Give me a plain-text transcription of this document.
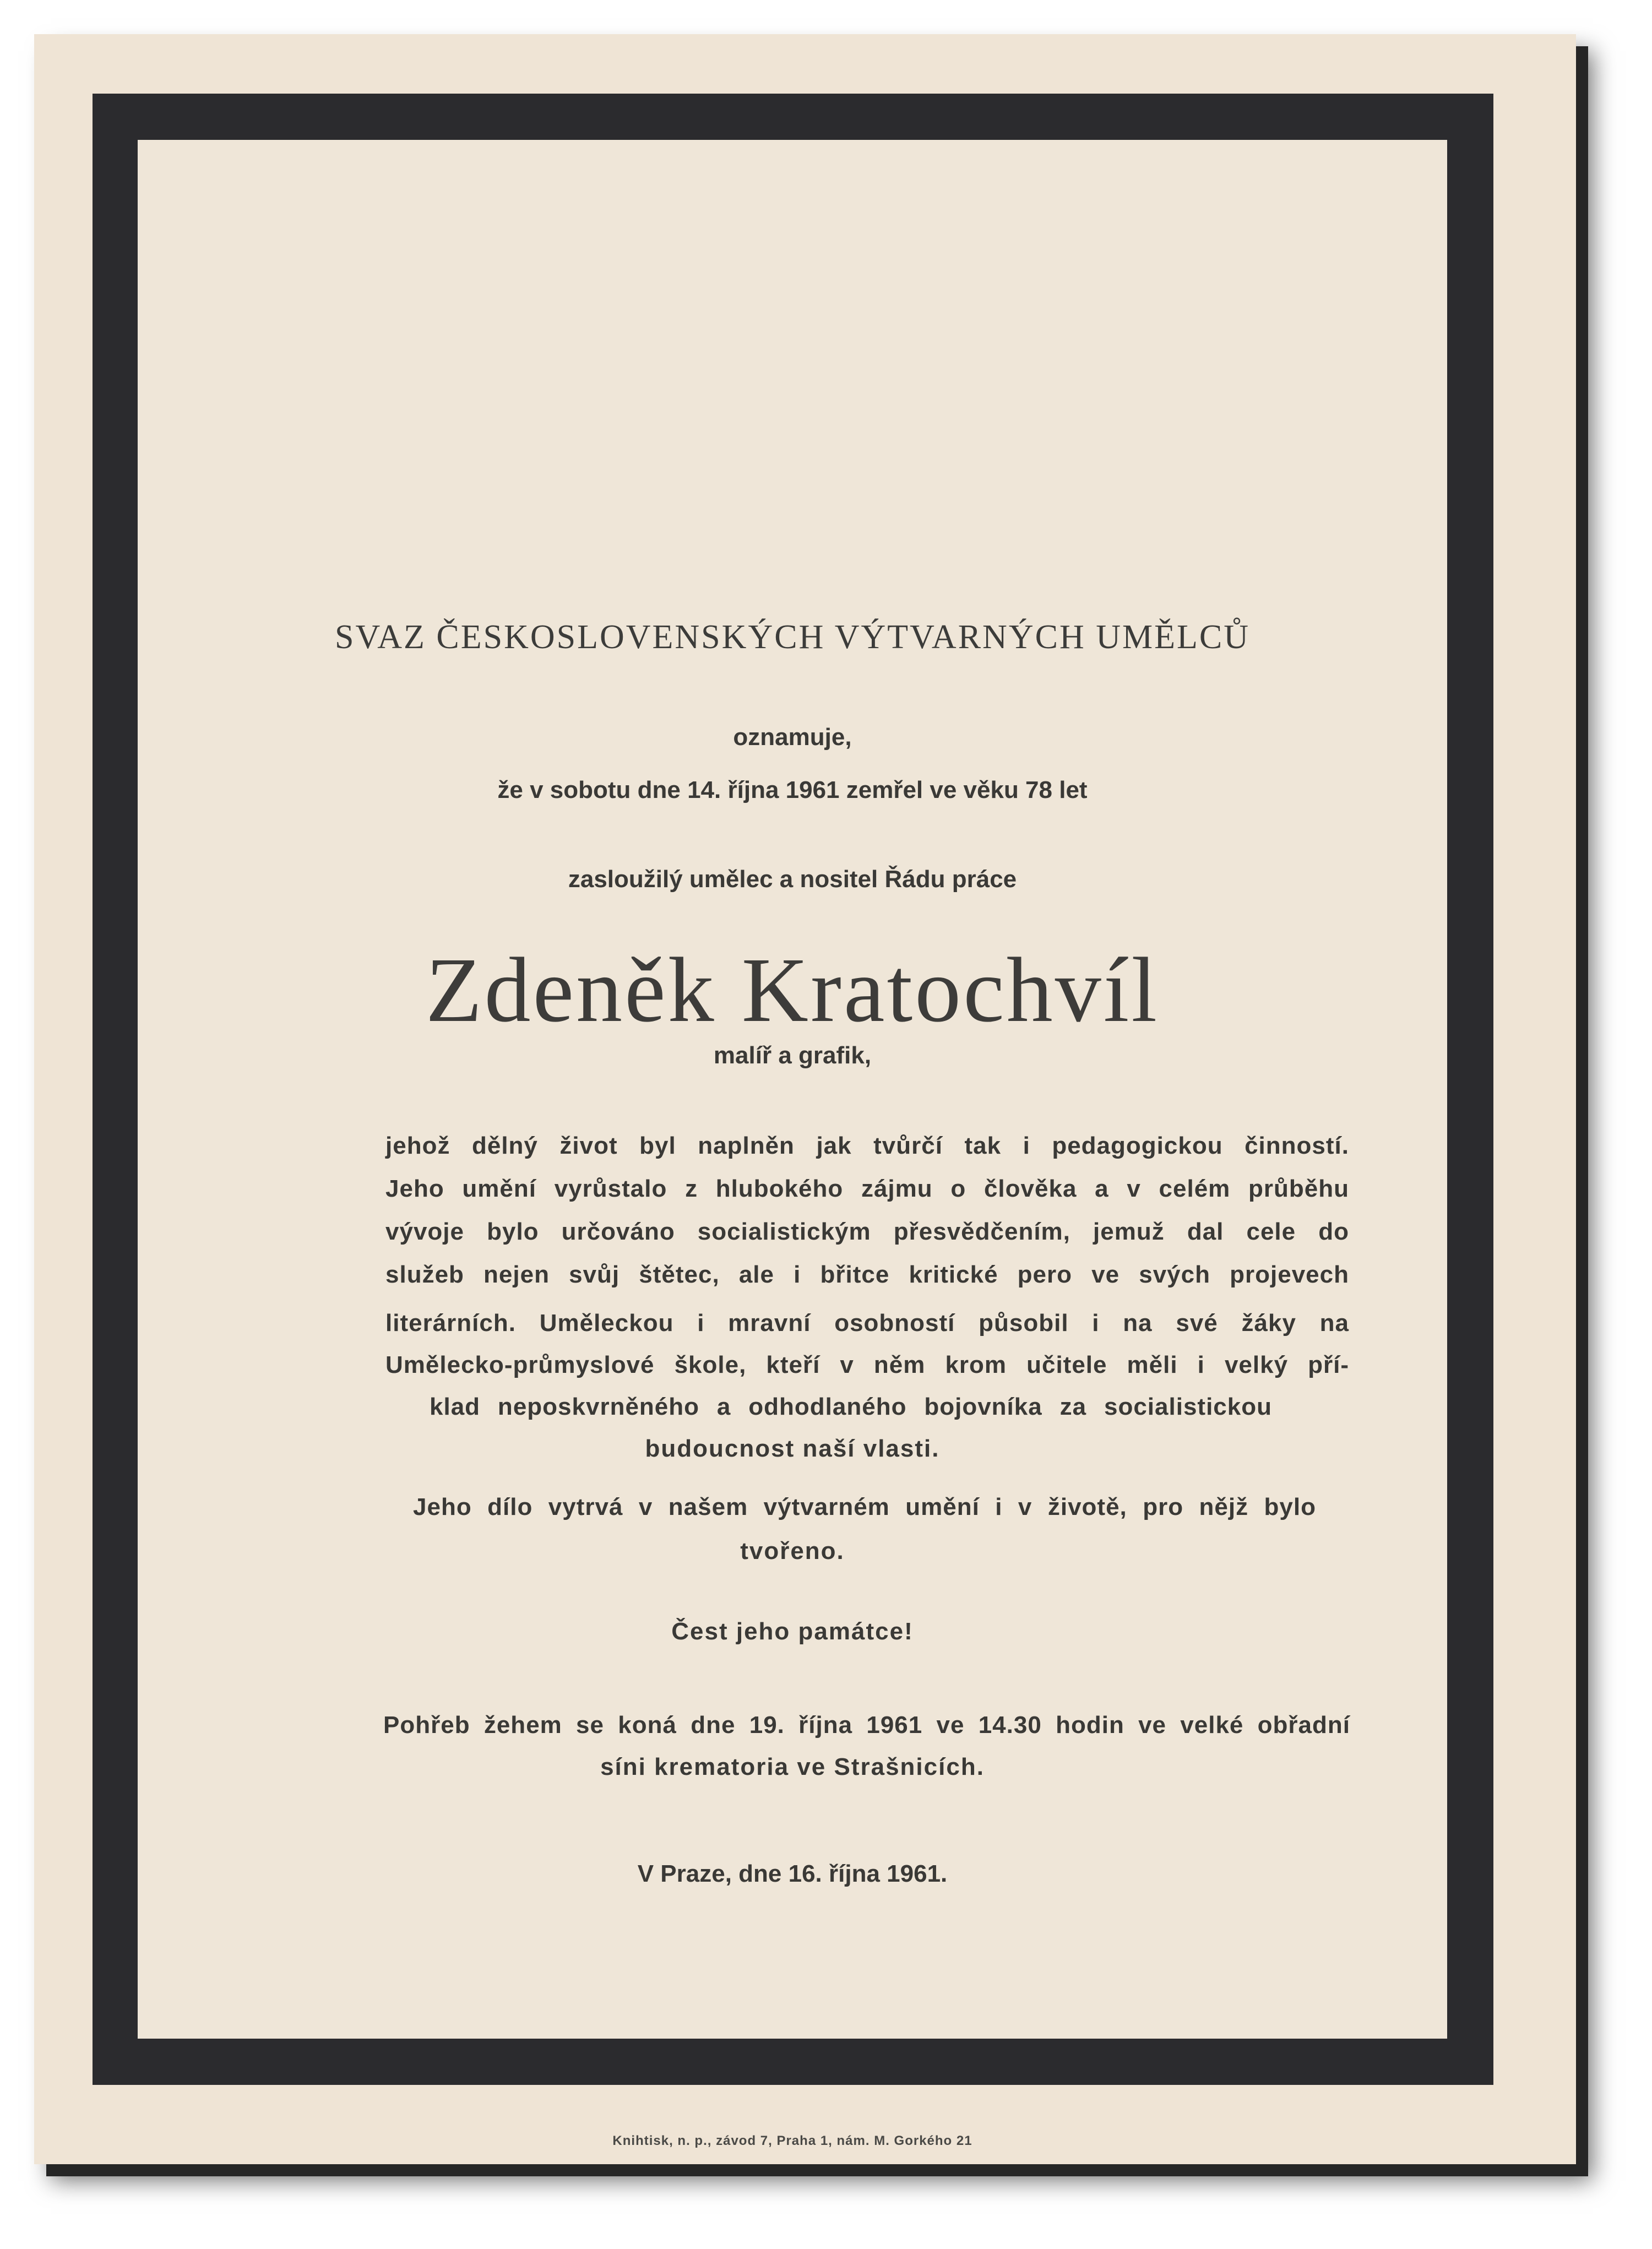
SVAZ ČESKOSLOVENSKÝCH VÝTVARNÝCH UMĚLCŮ
oznamuje,
že v sobotu dne 14. října 1961 zemřel ve věku 78 let
zasloužilý umělec a nositel Řádu práce
Zdeněk Kratochvíl
malíř a grafik,
jehož dělný život byl naplněn jak tvůrčí tak i pedagogickou činností.
Jeho umění vyrůstalo z hlubokého zájmu o člověka a v celém průběhu
vývoje bylo určováno socialistickým přesvědčením, jemuž dal cele do
služeb nejen svůj štětec, ale i břitce kritické pero ve svých projevech
literárních. Uměleckou i mravní osobností působil i na své žáky na
Umělecko-průmyslové škole, kteří v něm krom učitele měli i velký pří-
klad neposkvrněného a odhodlaného bojovníka za socialistickou
budoucnost naší vlasti.
Jeho dílo vytrvá v našem výtvarném umění i v životě, pro nějž bylo
tvořeno.
Čest jeho památce!
Pohřeb žehem se koná dne 19. října 1961 ve 14.30 hodin ve velké obřadní
síni krematoria ve Strašnicích.
V Praze, dne 16. října 1961.
Knihtisk, n. p., závod 7, Praha 1, nám. M. Gorkého 21
